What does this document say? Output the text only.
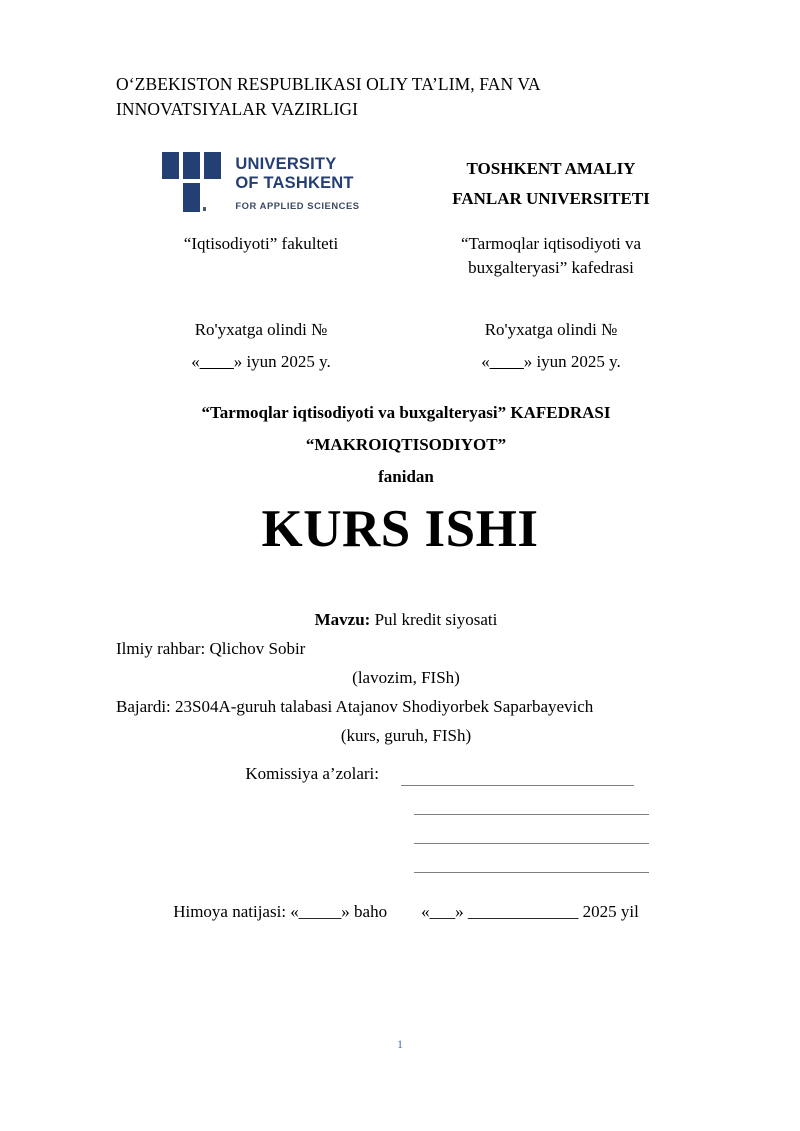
O‘ZBEKISTON RESPUBLIKASI OLIY TA’LIM, FAN VA
INNOVATSIYALAR VAZIRLIGI
UNIVERSITY
OF TASHKENT
FOR APPLIED SCIENCES
TOSHKENT AMALIY
FANLAR UNIVERSITETI
“Iqtisodiyoti” fakulteti	“Tarmoqlar iqtisodiyoti va buxgalteryasi” kafedrasi
Ro'yxatga olindi №
«____» iyun 2025 y.
Ro'yxatga olindi №
«____» iyun 2025 y.
“Tarmoqlar iqtisodiyoti va buxgalteryasi” KAFEDRASI
“MAKROIQTISODIYOT”
fanidan
KURS ISHI
Mavzu: Pul kredit siyosati
Ilmiy rahbar: Qlichov Sobir
(lavozim, FISh)
Bajardi: 23S04A-guruh talabasi Atajanov Shodiyorbek Saparbayevich
(kurs, guruh, FISh)
Komissiya a’zolari:
Himoya natijasi: «_____» baho        «___» _____________ 2025 yil
1
